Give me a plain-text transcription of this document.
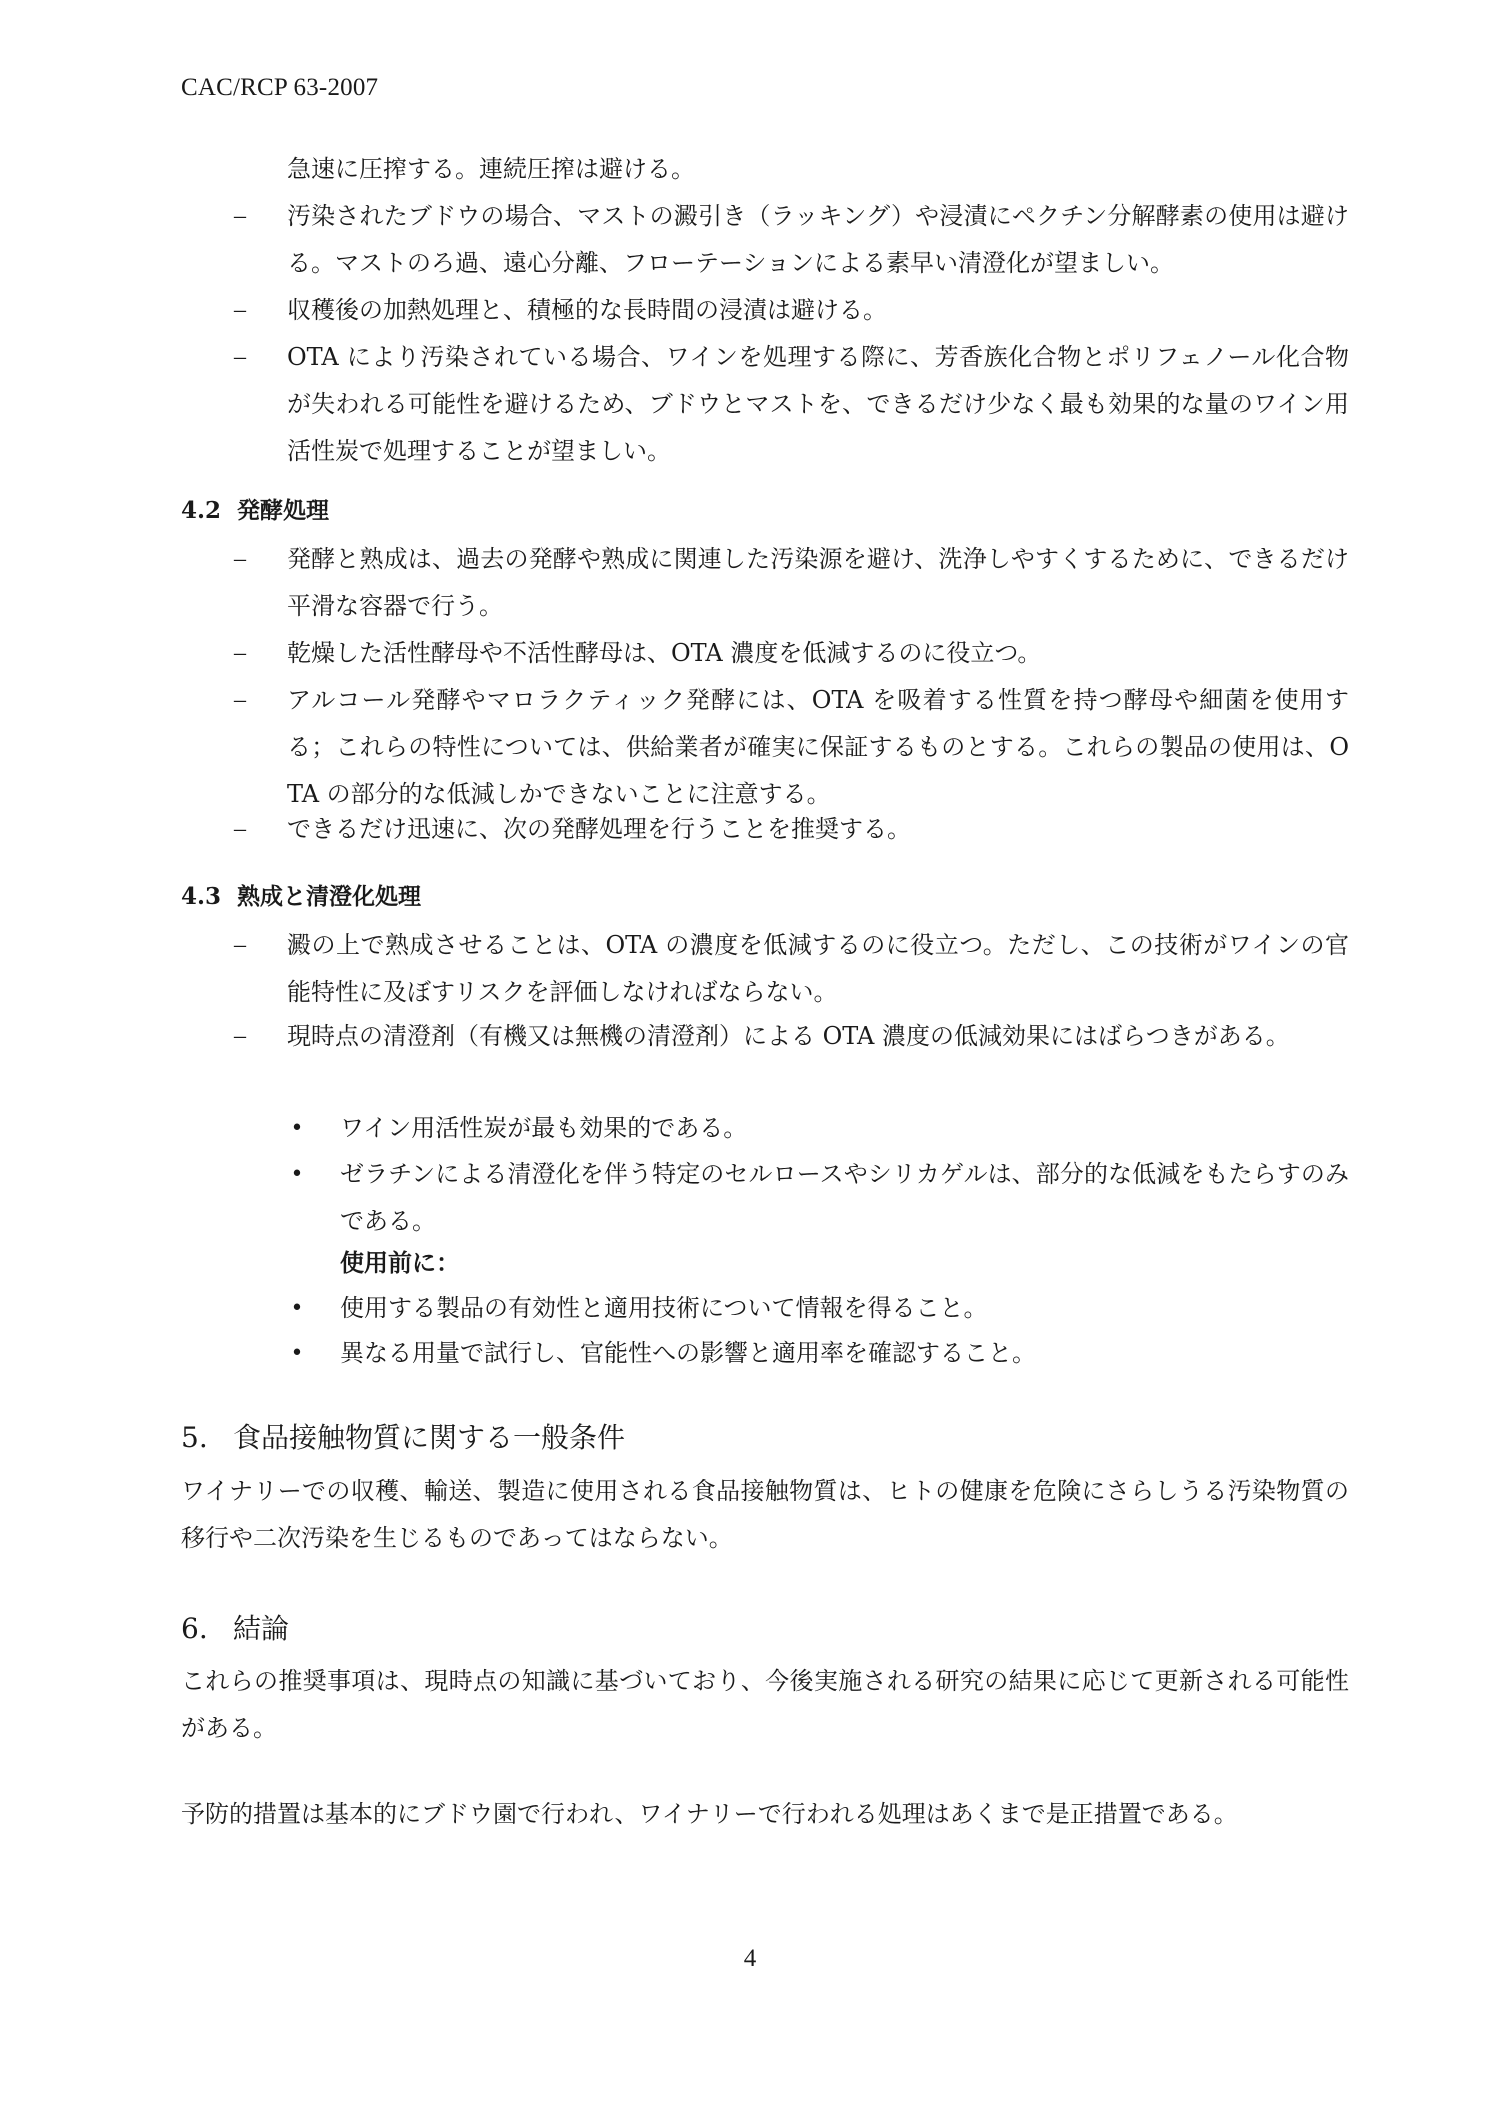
CAC/RCP 63-2007
急速に圧搾する。連続圧搾は避ける。
– 汚染されたブドウの場合、マストの澱引き（ラッキング）や浸漬にペクチン分解酵素の使用は避ける。マストのろ過、遠心分離、フローテーションによる素早い清澄化が望ましい。
– 収穫後の加熱処理と、積極的な長時間の浸漬は避ける。
– OTA により汚染されている場合、ワインを処理する際に、芳香族化合物とポリフェノール化合物が失われる可能性を避けるため、ブドウとマストを、できるだけ少なく最も効果的な量のワイン用活性炭で処理することが望ましい。
4.2 発酵処理
– 発酵と熟成は、過去の発酵や熟成に関連した汚染源を避け、洗浄しやすくするために、できるだけ平滑な容器で行う。
– 乾燥した活性酵母や不活性酵母は、OTA 濃度を低減するのに役立つ。
– アルコール発酵やマロラクティック発酵には、OTA を吸着する性質を持つ酵母や細菌を使用する；これらの特性については、供給業者が確実に保証するものとする。これらの製品の使用は、OTA の部分的な低減しかできないことに注意する。
– できるだけ迅速に、次の発酵処理を行うことを推奨する。
4.3 熟成と清澄化処理
– 澱の上で熟成させることは、OTA の濃度を低減するのに役立つ。ただし、この技術がワインの官能特性に及ぼすリスクを評価しなければならない。
– 現時点の清澄剤（有機又は無機の清澄剤）による OTA 濃度の低減効果にはばらつきがある。
• ワイン用活性炭が最も効果的である。
• ゼラチンによる清澄化を伴う特定のセルロースやシリカゲルは、部分的な低減をもたらすのみである。
使用前に：
• 使用する製品の有効性と適用技術について情報を得ること。
• 異なる用量で試行し、官能性への影響と適用率を確認すること。
5. 食品接触物質に関する一般条件
ワイナリーでの収穫、輸送、製造に使用される食品接触物質は、ヒトの健康を危険にさらしうる汚染物質の移行や二次汚染を生じるものであってはならない。
6. 結論
これらの推奨事項は、現時点の知識に基づいており、今後実施される研究の結果に応じて更新される可能性がある。
予防的措置は基本的にブドウ園で行われ、ワイナリーで行われる処理はあくまで是正措置である。
4
